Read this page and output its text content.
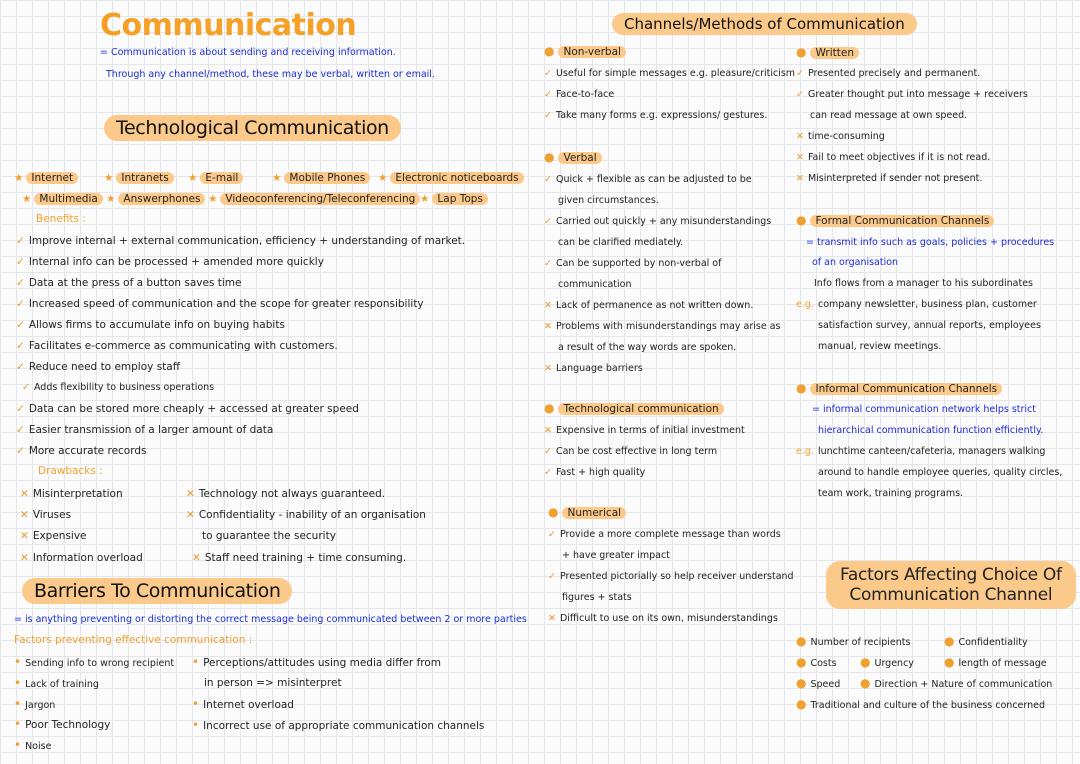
Communication
= Communication is about sending and receiving information.
Through any channel/method, these may be verbal, written or email.
Technological Communication
★ Internet	★ Intranets	★ E-mail	★ Mobile Phones	★ Electronic noticeboards
★ Multimedia ★ Answerphones ★ Videoconferencing/Teleconferencing ★ Lap Tops
Benefits :
✓ Improve internal + external communication, efficiency + understanding of market.
✓ Internal info can be processed + amended more quickly
✓ Data at the press of a button saves time
✓ Increased speed of communication and the scope for greater responsibility
✓ Allows firms to accumulate info on buying habits
✓ Facilitates e-commerce as communicating with customers.
✓ Reduce need to employ staff
✓ Adds flexibility to business operations
✓ Data can be stored more cheaply + accessed at greater speed
✓ Easier transmission of a larger amount of data
✓ More accurate records
Drawbacks :
✕ Misinterpretation
✕ Viruses
✕ Expensive
✕ Information overload
✕ Technology not always guaranteed.
✕ Confidentiality - inability of an organisation
to guarantee the security
✕ Staff need training + time consuming.
Barriers To Communication
= is anything preventing or distorting the correct message being communicated between 2 or more parties
Factors preventing effective communication :
• Sending info to wrong recipient
• Lack of training
• Jargon
• Poor Technology
• Noise
• Perceptions/attitudes using media differ from
in person => misinterpret
• Internet overload
• Incorrect use of appropriate communication channels
Channels/Methods of Communication
● Non-verbal
✓ Useful for simple messages e.g. pleasure/criticism
✓ Face-to-face
✓ Take many forms e.g. expressions/ gestures.
● Verbal
✓ Quick + flexible as can be adjusted to be
given circumstances.
✓ Carried out quickly + any misunderstandings
can be clarified mediately.
✓ Can be supported by non-verbal of
communication
✕ Lack of permanence as not written down.
✕ Problems with misunderstandings may arise as
a result of the way words are spoken.
✕ Language barriers
● Technological communication
✕ Expensive in terms of initial investment
✓ Can be cost effective in long term
✓ Fast + high quality
● Numerical
✓ Provide a more complete message than words
+ have greater impact
✓ Presented pictorially so help receiver understand
figures + stats
✕ Difficult to use on its own, misunderstandings
● Written
✓ Presented precisely and permanent.
✓ Greater thought put into message + receivers
can read message at own speed.
✕ time-consuming
✕ Fail to meet objectives if it is not read.
✕ Misinterpreted if sender not present.
● Formal Communication Channels
= transmit info such as goals, policies + procedures
of an organisation
Info flows from a manager to his subordinates
e.g. company newsletter, business plan, customer
satisfaction survey, annual reports, employees
manual, review meetings.
● Informal Communication Channels
= informal communication network helps strict
hierarchical communication function efficiently.
e.g. lunchtime canteen/cafeteria, managers walking
around to handle employee queries, quality circles,
team work, training programs.
Factors Affecting Choice Of
Communication Channel
● Number of recipients	● Confidentiality
● Costs ● Urgency	● length of message
● Speed ● Direction + Nature of communication
● Traditional and culture of the business concerned
